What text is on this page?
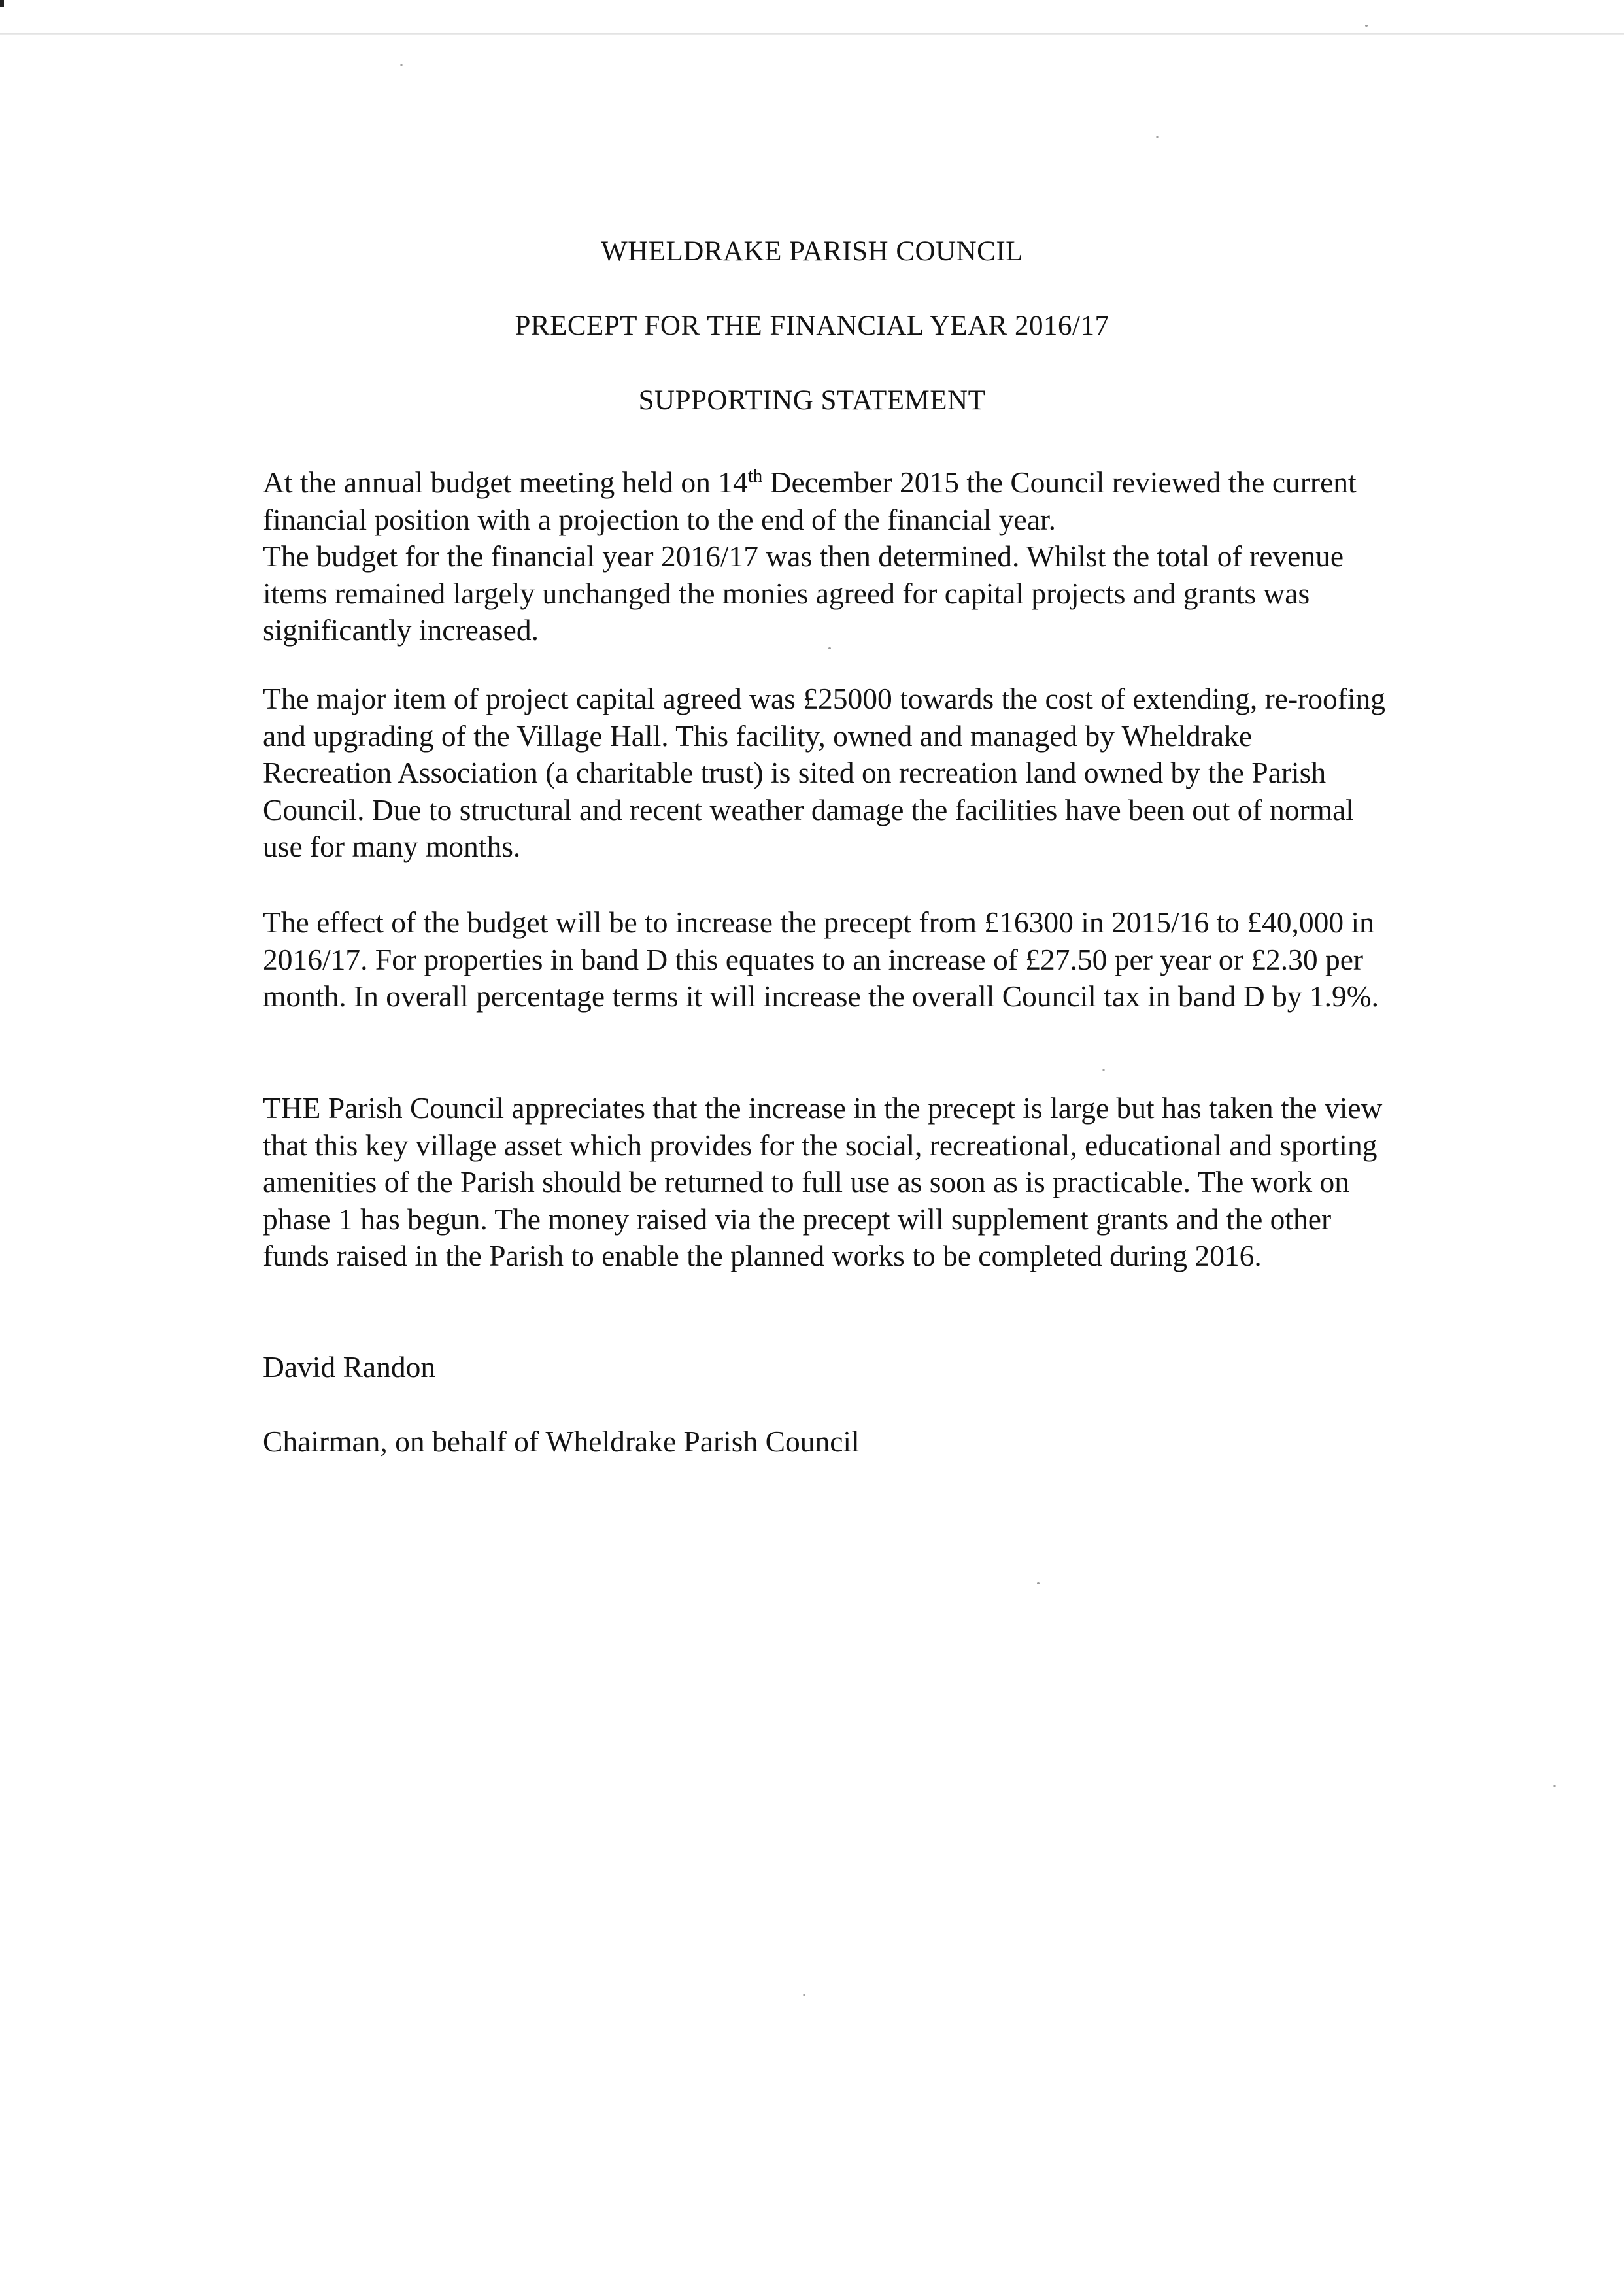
WHELDRAKE PARISH COUNCIL
PRECEPT FOR THE FINANCIAL YEAR 2016/17
SUPPORTING STATEMENT

At the annual budget meeting held on 14th December 2015 the Council reviewed the current financial position with a projection to the end of the financial year.
The budget for the financial year 2016/17 was then determined. Whilst the total of revenue items remained largely unchanged the monies agreed for capital projects and grants was significantly increased.

The major item of project capital agreed was £25000 towards the cost of extending, re-roofing and upgrading of the Village Hall. This facility, owned and managed by Wheldrake Recreation Association (a charitable trust) is sited on recreation land owned by the Parish Council. Due to structural and recent weather damage the facilities have been out of normal use for many months.

The effect of the budget will be to increase the precept from £16300 in 2015/16 to £40,000 in 2016/17. For properties in band D this equates to an increase of £27.50 per year or £2.30 per month. In overall percentage terms it will increase the overall Council tax in band D by 1.9%.

THE Parish Council appreciates that the increase in the precept is large but has taken the view that this key village asset which provides for the social, recreational, educational and sporting amenities of the Parish should be returned to full use as soon as is practicable. The work on phase 1 has begun. The money raised via the precept will supplement grants and the other funds raised in the Parish to enable the planned works to be completed during 2016.

David Randon

Chairman, on behalf of Wheldrake Parish Council
